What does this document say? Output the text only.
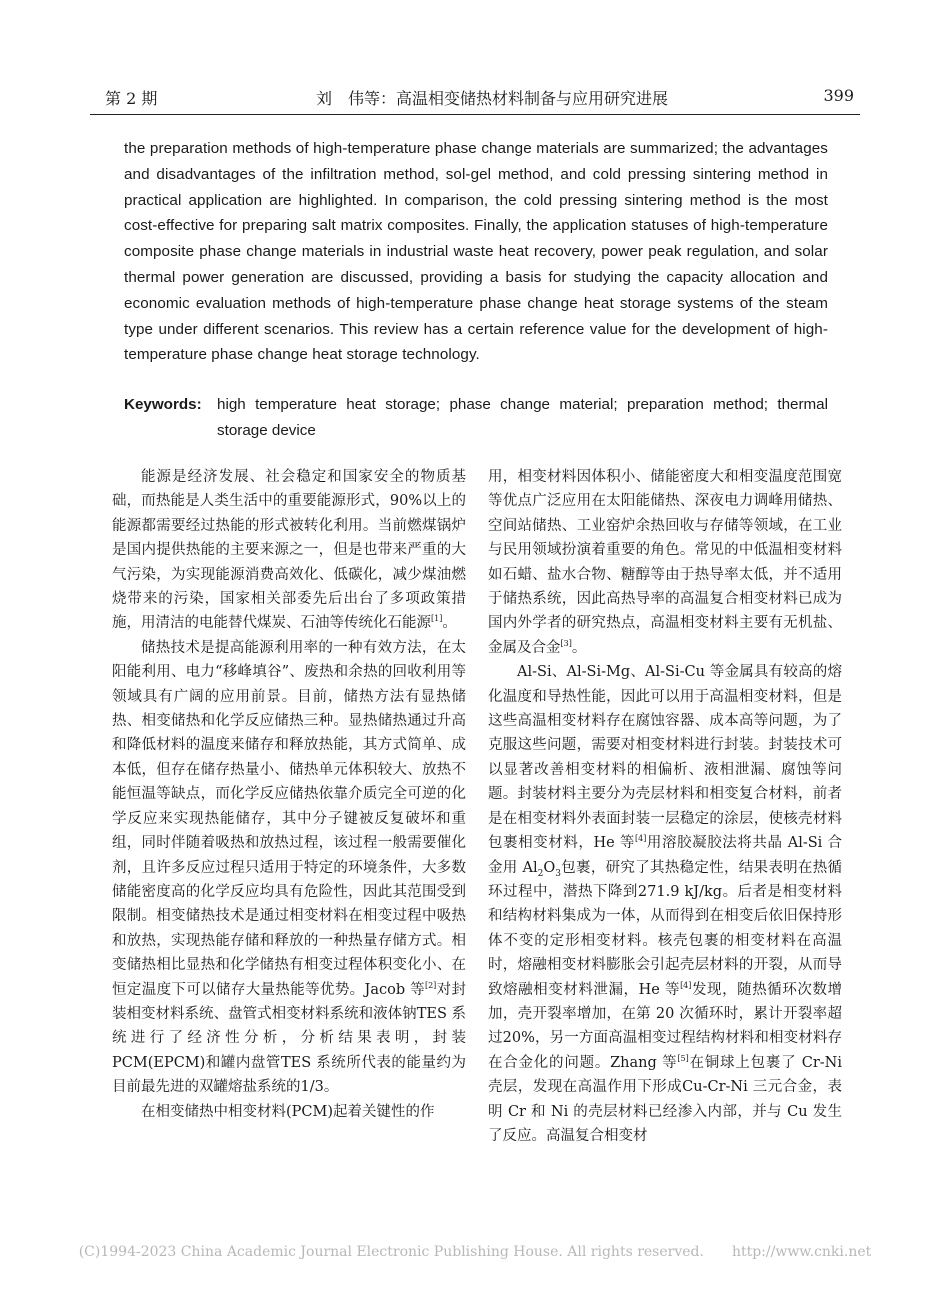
第 2 期	刘　伟等：高温相变储热材料制备与应用研究进展	399
the preparation methods of high-temperature phase change materials are summarized; the advantages and disadvantages of the infiltration method, sol-gel method, and cold pressing sintering method in practical application are highlighted. In comparison, the cold pressing sintering method is the most cost-effective for preparing salt matrix composites. Finally, the application statuses of high-temperature composite phase change materials in industrial waste heat recovery, power peak regulation, and solar thermal power generation are discussed, providing a basis for studying the capacity allocation and economic evaluation methods of high-temperature phase change heat storage systems of the steam type under different scenarios. This review has a certain reference value for the development of high-temperature phase change heat storage technology.
Keywords: high temperature heat storage; phase change material; preparation method; thermal storage device

能源是经济发展、社会稳定和国家安全的物质基础，而热能是人类生活中的重要能源形式，90%以上的能源都需要经过热能的形式被转化利用。当前燃煤锅炉是国内提供热能的主要来源之一，但是也带来严重的大气污染，为实现能源消费高效化、低碳化，减少煤油燃烧带来的污染，国家相关部委先后出台了多项政策措施，用清洁的电能替代煤炭、石油等传统化石能源[1]。

储热技术是提高能源利用率的一种有效方法，在太阳能利用、电力“移峰填谷”、废热和余热的回收利用等领域具有广阔的应用前景。目前，储热方法有显热储热、相变储热和化学反应储热三种。显热储热通过升高和降低材料的温度来储存和释放热能，其方式简单、成本低，但存在储存热量小、储热单元体积较大、放热不能恒温等缺点，而化学反应储热依靠介质完全可逆的化学反应来实现热能储存，其中分子键被反复破坏和重组，同时伴随着吸热和放热过程，该过程一般需要催化剂，且许多反应过程只适用于特定的环境条件，大多数储能密度高的化学反应均具有危险性，因此其范围受到限制。相变储热技术是通过相变材料在相变过程中吸热和放热，实现热能存储和释放的一种热量存储方式。相变储热相比显热和化学储热有相变过程体积变化小、在恒定温度下可以储存大量热能等优势。Jacob 等[2]对封装相变材料系统、盘管式相变材料系统和液体钠TES 系统进行了经济性分析，分析结果表明，封装PCM(EPCM)和罐内盘管TES 系统所代表的能量约为目前最先进的双罐熔盐系统的1/3。

在相变储热中相变材料(PCM)起着关键性的作

用，相变材料因体积小、储能密度大和相变温度范围宽等优点广泛应用在太阳能储热、深夜电力调峰用储热、空间站储热、工业窑炉余热回收与存储等领域，在工业与民用领域扮演着重要的角色。常见的中低温相变材料如石蜡、盐水合物、糖醇等由于热导率太低，并不适用于储热系统，因此高热导率的高温复合相变材料已成为国内外学者的研究热点，高温相变材料主要有无机盐、金属及合金[3]。

Al-Si、Al-Si-Mg、Al-Si-Cu 等金属具有较高的熔化温度和导热性能，因此可以用于高温相变材料，但是这些高温相变材料存在腐蚀容器、成本高等问题，为了克服这些问题，需要对相变材料进行封装。封装技术可以显著改善相变材料的相偏析、液相泄漏、腐蚀等问题。封装材料主要分为壳层材料和相变复合材料，前者是在相变材料外表面封装一层稳定的涂层，使核壳材料包裹相变材料，He 等[4]用溶胶凝胶法将共晶 Al-Si 合金用 $Al_2O_3$包裹，研究了其热稳定性，结果表明在热循环过程中，潜热下降到271.9 kJ/kg。后者是相变材料和结构材料集成为一体，从而得到在相变后依旧保持形体不变的定形相变材料。核壳包裹的相变材料在高温时，熔融相变材料膨胀会引起壳层材料的开裂，从而导致熔融相变材料泄漏，He 等[4]发现，随热循环次数增加，壳开裂率增加，在第 20 次循环时，累计开裂率超过20%，另一方面高温相变过程结构材料和相变材料存在合金化的问题。Zhang 等[5]在铜球上包裹了 Cr-Ni 壳层，发现在高温作用下形成Cu-Cr-Ni 三元合金，表明 Cr 和 Ni 的壳层材料已经渗入内部，并与 Cu 发生了反应。高温复合相变材

(C)1994-2023 China Academic Journal Electronic Publishing House. All rights reserved.　　http://www.cnki.net
